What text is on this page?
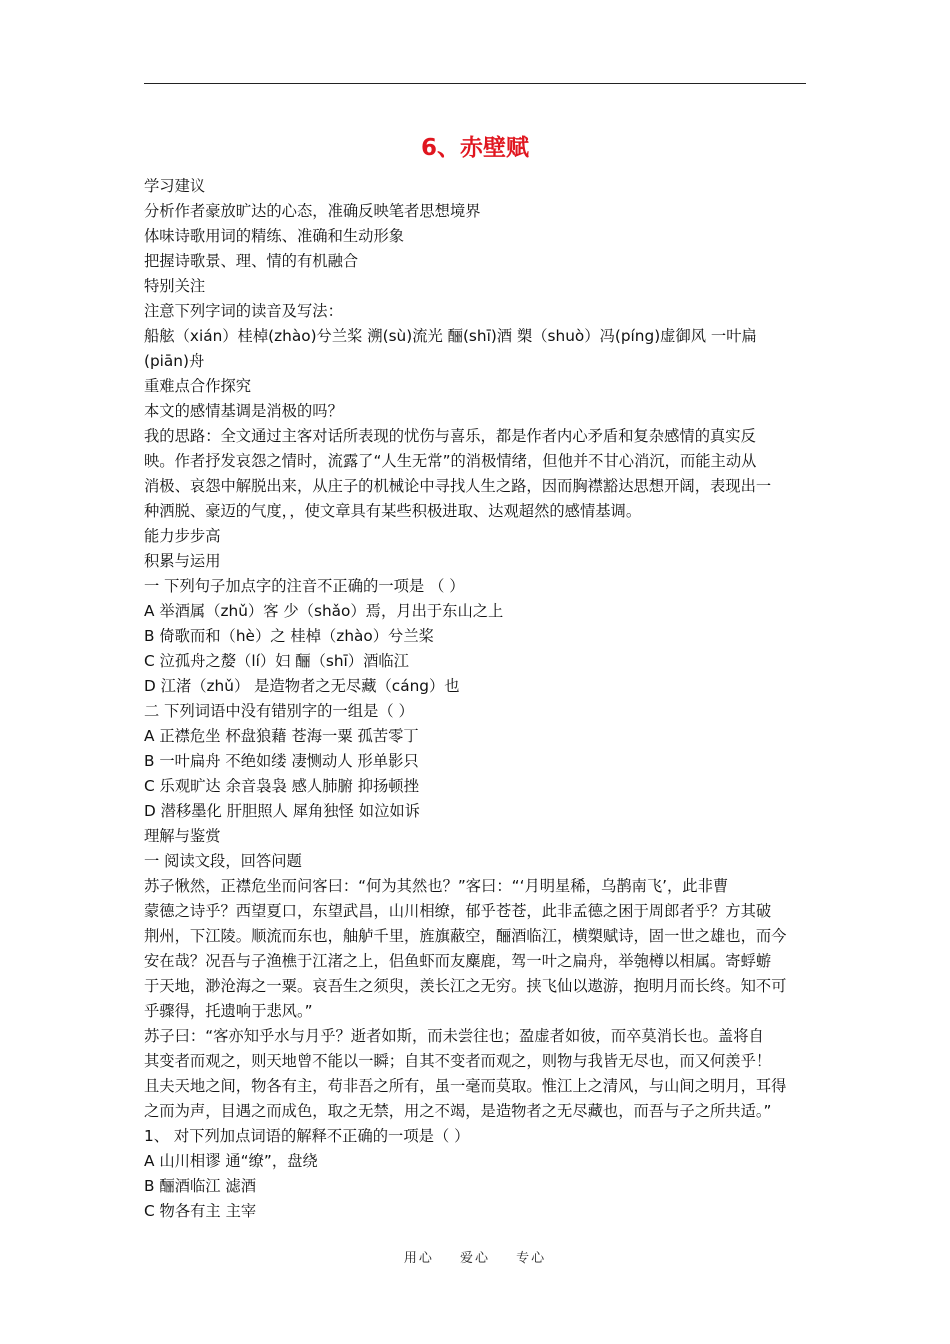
6、赤壁赋

学习建议

分析作者豪放旷达的心态，准确反映笔者思想境界

体味诗歌用词的精练、准确和生动形象

把握诗歌景、理、情的有机融合

特别关注

注意下列字词的读音及写法：

船舷（xián）桂棹(zhào)兮兰桨 溯(sù)流光 酾(shī)酒 槊（shuò）冯(píng)虚御风 一叶扁

(piān)舟

重难点合作探究

本文的感情基调是消极的吗？

我的思路：全文通过主客对话所表现的忧伤与喜乐，都是作者内心矛盾和复杂感情的真实反

映。作者抒发哀怨之情时，流露了“人生无常”的消极情绪，但他并不甘心消沉，而能主动从

消极、哀怨中解脱出来，从庄子的机械论中寻找人生之路，因而胸襟豁达思想开阔，表现出一

种洒脱、豪迈的气度，，使文章具有某些积极进取、达观超然的感情基调。

能力步步高

积累与运用

一 下列句子加点字的注音不正确的一项是 （ ）

A 举酒属（zhǔ）客 少（shǎo）焉，月出于东山之上

B 倚歌而和（hè）之 桂棹（zhào）兮兰桨

C 泣孤舟之嫠（lí）妇 酾（shī）酒临江

D 江渚（zhǔ） 是造物者之无尽藏（cáng）也

二 下列词语中没有错别字的一组是（ ）

A 正襟危坐 杯盘狼藉 苍海一粟 孤苦零丁

B 一叶扁舟 不绝如缕 凄恻动人 形单影只

C 乐观旷达 余音袅袅 感人肺腑 抑扬顿挫

D 潜移墨化 肝胆照人 犀角独怪 如泣如诉

理解与鉴赏

一 阅读文段，回答问题

苏子愀然，正襟危坐而问客曰：“何为其然也？”客曰：“‘月明星稀，乌鹊南飞’，此非曹

蒙德之诗乎？西望夏口，东望武昌，山川相缭，郁乎苍苍，此非孟德之困于周郎者乎？方其破

荆州，下江陵。顺流而东也，舳舻千里，旌旗蔽空，酾酒临江，横槊赋诗，固一世之雄也，而今

安在哉？况吾与子渔樵于江渚之上，侣鱼虾而友麋鹿，驾一叶之扁舟，举匏樽以相属。寄蜉蝣

于天地，渺沧海之一粟。哀吾生之须臾，羡长江之无穷。挟飞仙以遨游，抱明月而长终。知不可

乎骤得，托遗响于悲风。”

苏子曰：“客亦知乎水与月乎？逝者如斯，而未尝往也；盈虚者如彼，而卒莫消长也。盖将自

其变者而观之，则天地曾不能以一瞬；自其不变者而观之，则物与我皆无尽也，而又何羡乎！

且夫天地之间，物各有主，苟非吾之所有，虽一毫而莫取。惟江上之清风，与山间之明月，耳得

之而为声，目遇之而成色，取之无禁，用之不竭，是造物者之无尽藏也，而吾与子之所共适。”

1、 对下列加点词语的解释不正确的一项是（ ）

A 山川相谬 通“缭”，盘绕

B 酾酒临江 滤酒

C 物各有主 主宰

用心 爱心 专心
